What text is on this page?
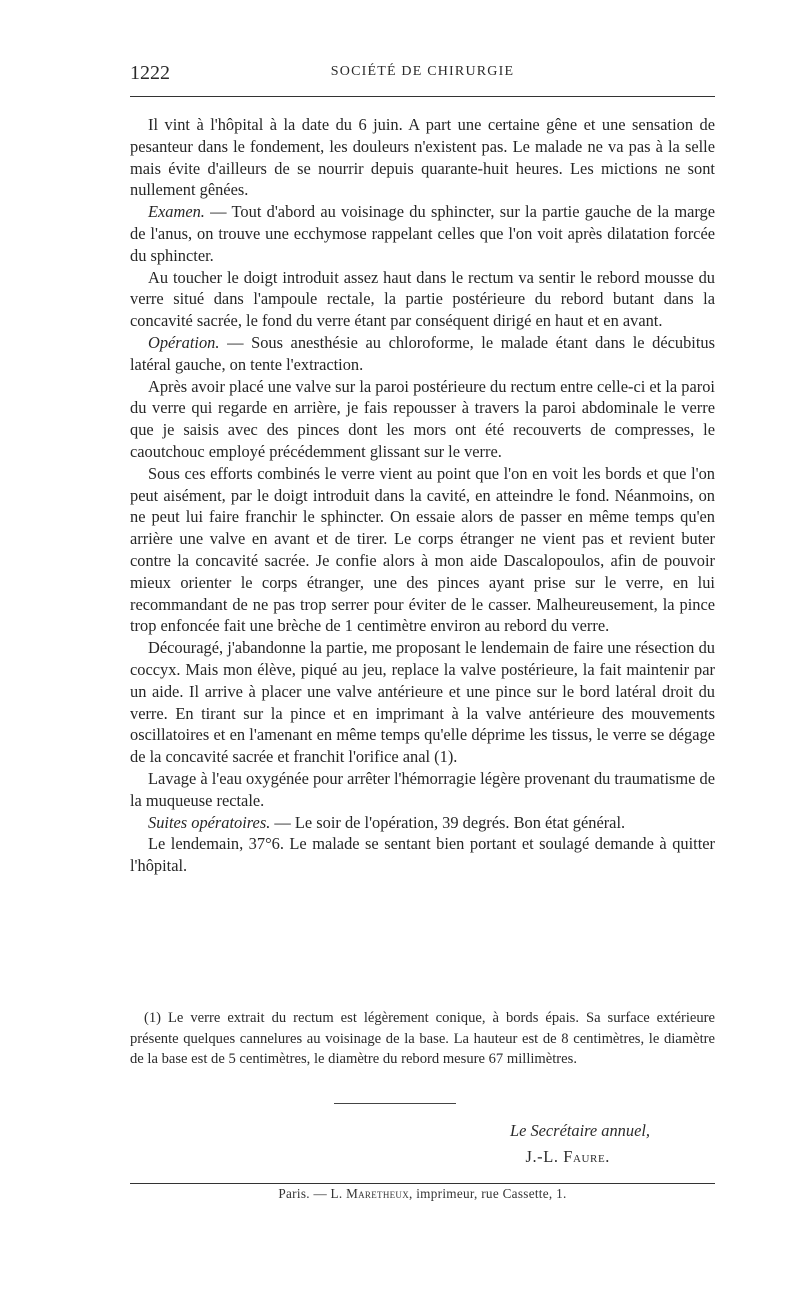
1222	SOCIÉTÉ DE CHIRURGIE

Il vint à l'hôpital à la date du 6 juin. A part une certaine gêne et une sensation de pesanteur dans le fondement, les douleurs n'existent pas. Le malade ne va pas à la selle mais évite d'ailleurs de se nourrir depuis quarante-huit heures. Les mictions ne sont nullement gênées.

Examen. — Tout d'abord au voisinage du sphincter, sur la partie gauche de la marge de l'anus, on trouve une ecchymose rappelant celles que l'on voit après dilatation forcée du sphincter.

Au toucher le doigt introduit assez haut dans le rectum va sentir le rebord mousse du verre situé dans l'ampoule rectale, la partie postérieure du rebord butant dans la concavité sacrée, le fond du verre étant par conséquent dirigé en haut et en avant.

Opération. — Sous anesthésie au chloroforme, le malade étant dans le décubitus latéral gauche, on tente l'extraction.

Après avoir placé une valve sur la paroi postérieure du rectum entre celle-ci et la paroi du verre qui regarde en arrière, je fais repousser à travers la paroi abdominale le verre que je saisis avec des pinces dont les mors ont été recouverts de compresses, le caoutchouc employé précédemment glissant sur le verre.

Sous ces efforts combinés le verre vient au point que l'on en voit les bords et que l'on peut aisément, par le doigt introduit dans la cavité, en atteindre le fond. Néanmoins, on ne peut lui faire franchir le sphincter. On essaie alors de passer en même temps qu'en arrière une valve en avant et de tirer. Le corps étranger ne vient pas et revient buter contre la concavité sacrée. Je confie alors à mon aide Dascalopoulos, afin de pouvoir mieux orienter le corps étranger, une des pinces ayant prise sur le verre, en lui recommandant de ne pas trop serrer pour éviter de le casser. Malheureusement, la pince trop enfoncée fait une brèche de 1 centimètre environ au rebord du verre.

Découragé, j'abandonne la partie, me proposant le lendemain de faire une résection du coccyx. Mais mon élève, piqué au jeu, replace la valve postérieure, la fait maintenir par un aide. Il arrive à placer une valve antérieure et une pince sur le bord latéral droit du verre. En tirant sur la pince et en imprimant à la valve antérieure des mouvements oscillatoires et en l'amenant en même temps qu'elle déprime les tissus, le verre se dégage de la concavité sacrée et franchit l'orifice anal (1).

Lavage à l'eau oxygénée pour arrêter l'hémorragie légère provenant du traumatisme de la muqueuse rectale.

Suites opératoires. — Le soir de l'opération, 39 degrés. Bon état général.

Le lendemain, 37°6. Le malade se sentant bien portant et soulagé demande à quitter l'hôpital.

(1) Le verre extrait du rectum est légèrement conique, à bords épais. Sa surface extérieure présente quelques cannelures au voisinage de la base. La hauteur est de 8 centimètres, le diamètre de la base est de 5 centimètres, le diamètre du rebord mesure 67 millimètres.

Le Secrétaire annuel,
J.-L. Faure.
Paris. — L. Maretheux, imprimeur, rue Cassette, 1.
